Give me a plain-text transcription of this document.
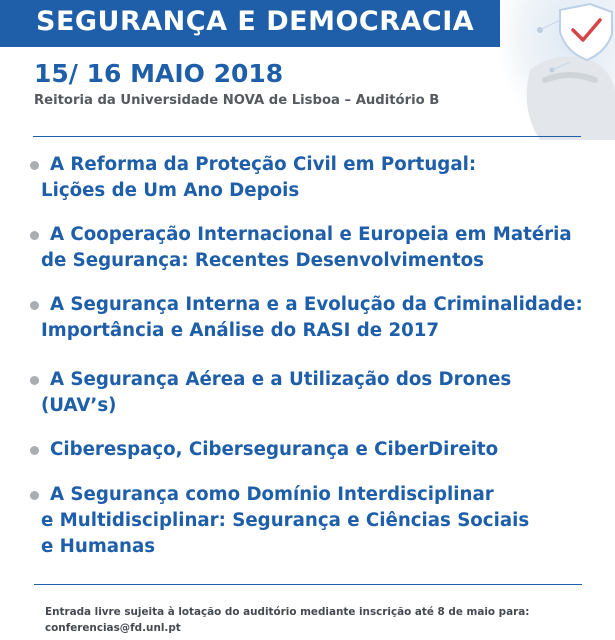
SEGURANÇA E DEMOCRACIA
15/ 16 MAIO 2018
Reitoria da Universidade NOVA de Lisboa – Auditório B
A Reforma da Proteção Civil em Portugal:
Lições de Um Ano Depois
A Cooperação Internacional e Europeia em Matéria
de Segurança: Recentes Desenvolvimentos
A Segurança Interna e a Evolução da Criminalidade:
Importância e Análise do RASI de 2017
A Segurança Aérea e a Utilização dos Drones
(UAV’s)
Ciberespaço, Cibersegurança e CiberDireito
A Segurança como Domínio Interdisciplinar
e Multidisciplinar: Segurança e Ciências Sociais
e Humanas
Entrada livre sujeita à lotação do auditório mediante inscrição até 8 de maio para:
conferencias@fd.unl.pt
